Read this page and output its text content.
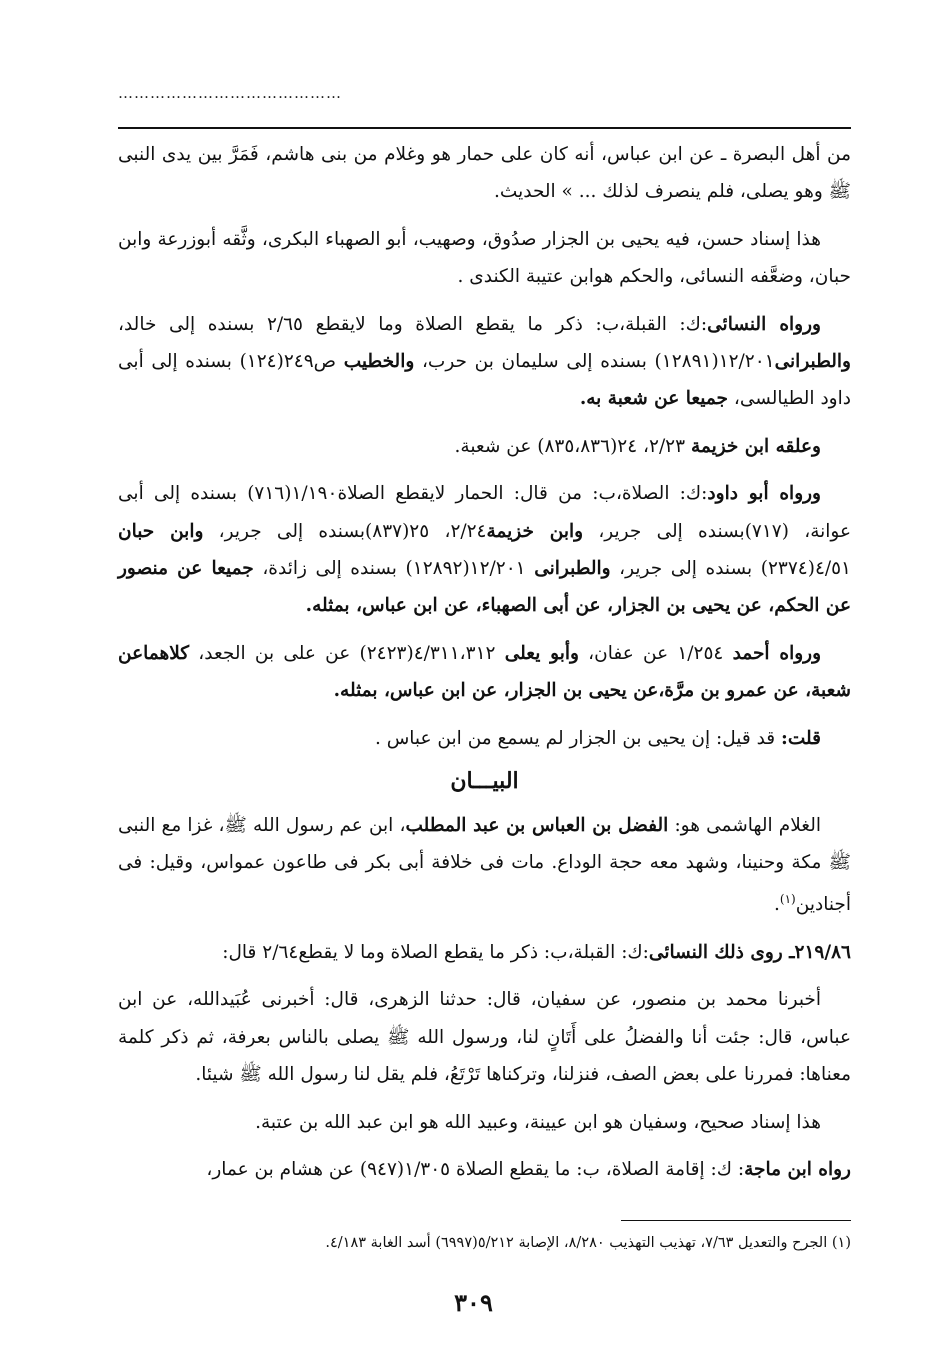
……………………………………

من أهل البصرة ـ عن ابن عباس، أنه كان على حمار هو وغلام من بنى هاشم، فَمَرَّ بين يدى النبى ﷺ وهو يصلى، فلم ينصرف لذلك ... » الحديث.

هذا إسناد حسن، فيه يحيى بن الجزار صدُوق، وصهيب، أبو الصهباء البكرى، وثَّقه أبوزرعة وابن حبان، وضعَّفه النسائى، والحكم هوابن عتيبة الكندى .

ورواه النسائى:ك: القبلة،ب: ذكر ما يقطع الصلاة وما لايقطع ٢/٦٥ بسنده إلى خالد، والطبرانى١٢/٢٠١(١٢٨٩١) بسنده إلى سليمان بن حرب، والخطيب ص٢٤٩(١٢٤) بسنده إلى أبى داود الطيالسى، جميعا عن شعبة به.

وعلقه ابن خزيمة ٢/٢٣، ٢٤(٨٣٥،٨٣٦) عن شعبة.

ورواه أبو داود:ك: الصلاة،ب: من قال: الحمار لايقطع الصلاة١/١٩٠(٧١٦) بسنده إلى أبى عوانة، (٧١٧)بسنده إلى جرير، وابن خزيمة٢/٢٤، ٢٥(٨٣٧)بسنده إلى جرير، وابن حبان ٤/٥١(٢٣٧٤) بسنده إلى جرير، والطبرانى ١٢/٢٠١(١٢٨٩٢) بسنده إلى زائدة، جميعا عن منصور عن الحكم، عن يحيى بن الجزار، عن أبى الصهباء، عن ابن عباس، بمثله.

ورواه أحمد ١/٢٥٤ عن عفان، وأبو يعلى ٤/٣١١،٣١٢(٢٤٢٣) عن على بن الجعد، كلاهماعن شعبة، عن عمرو بن مرَّة،عن يحيى بن الجزار، عن ابن عباس، بمثله.

قلت: قد قيل: إن يحيى بن الجزار لم يسمع من ابن عباس .

البيـــان

الغلام الهاشمى هو: الفضل بن العباس بن عبد المطلب، ابن عم رسول الله ﷺ، غزا مع النبى ﷺ مكة وحنينا، وشهد معه حجة الوداع. مات فى خلافة أبى بكر فى طاعون عمواس، وقيل: فى أجنادين$^{(١)}$.

٢١٩/٨٦ـ روى ذلك النسائى:ك: القبلة،ب: ذكر ما يقطع الصلاة وما لا يقطع٢/٦٤ قال:

أخبرنا محمد بن منصور، عن سفيان، قال: حدثنا الزهرى، قال: أخبرنى عُبَيدالله، عن ابن عباس، قال: جئت أنا والفضلُ على أَتَانٍ لنا، ورسول الله ﷺ يصلى بالناس بعرفة، ثم ذكر كلمة معناها: فمررنا على بعض الصف، فنزلنا، وتركناها تَرْتَعُ، فلم يقل لنا رسول الله ﷺ شيئا.

هذا إسناد صحيح، وسفيان هو ابن عيينة، وعبيد الله هو ابن عبد الله بن عتبة.

رواه ابن ماجة: ك: إقامة الصلاة، ب: ما يقطع الصلاة ١/٣٠٥(٩٤٧) عن هشام بن عمار،

(١) الجرح والتعديل ٧/٦٣، تهذيب التهذيب ٨/٢٨٠، الإصابة ٥/٢١٢(٦٩٩٧) أسد الغابة ٤/١٨٣.
٣٠٩
